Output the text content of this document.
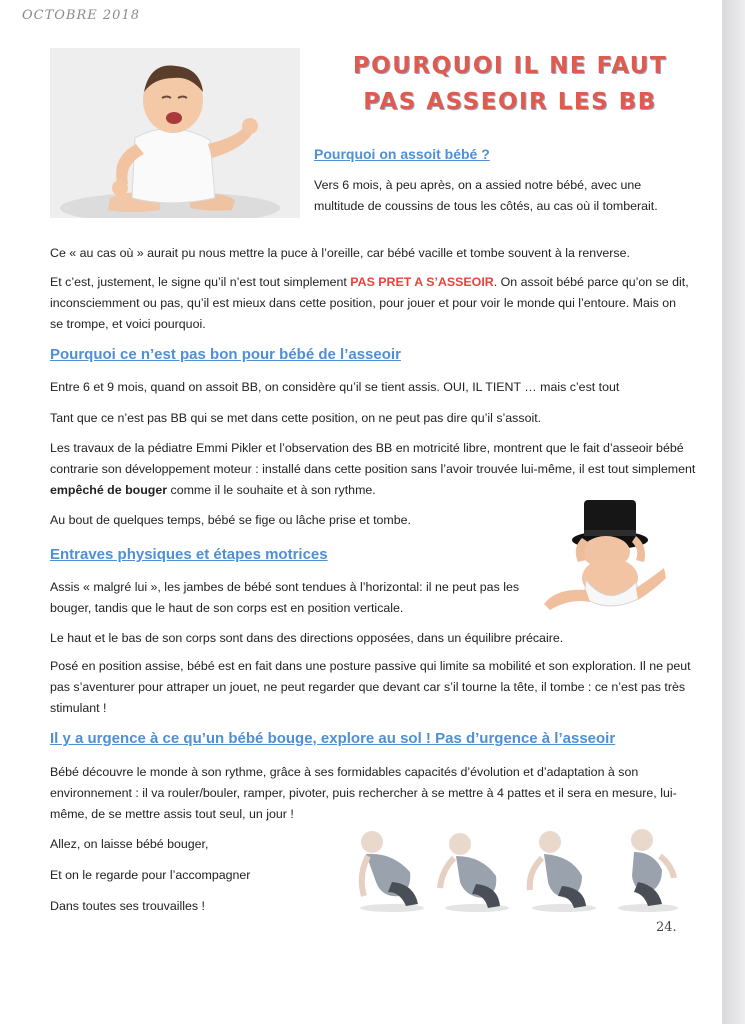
OCTOBRE 2018
POURQUOI IL NE FAUT
PAS ASSEOIR LES BB
Pourquoi on assoit bébé ?
Vers 6 mois, à peu après, on a assied notre bébé, avec une multitude de coussins de tous les côtés, au cas où il tomberait.
Ce « au cas où » aurait pu nous mettre la puce à l’oreille, car bébé vacille et tombe souvent à la renverse.
Et c’est, justement, le signe qu’il n’est tout simplement PAS PRET A S’ASSEOIR. On assoit bébé parce qu’on se dit, inconsciemment ou pas, qu’il est mieux dans cette position, pour jouer et pour voir le monde qui l’entoure. Mais on se trompe, et voici pourquoi.
Pourquoi ce n’est pas bon pour bébé de l’asseoir
Entre 6 et 9 mois, quand on assoit BB, on considère qu’il se tient assis. OUI, IL TIENT … mais c’est tout
Tant que ce n’est pas BB qui se met dans cette position, on ne peut pas dire qu’il s’assoit.
Les travaux de la pédiatre Emmi Pikler et l’observation des BB en motricité libre, montrent que le fait d’asseoir bébé contrarie son développement moteur : installé dans cette position sans l’avoir trouvée lui-même, il est tout simplement empêché de bouger comme il le souhaite et à son rythme.
Au bout de quelques temps, bébé se fige ou lâche prise et tombe.
Entraves physiques et étapes motrices
Assis « malgré lui », les jambes de bébé sont tendues à l’horizontal: il ne peut pas les bouger, tandis que le haut de son corps est en position verticale.
Le haut et le bas de son corps sont dans des directions opposées, dans un équilibre précaire.
Posé en position assise, bébé est en fait dans une posture passive qui limite sa mobilité et son exploration. Il ne peut pas s’aventurer pour attraper un jouet, ne peut regarder que devant car s’il tourne la tête, il tombe : ce n’est pas très stimulant !
Il y a urgence à ce qu’un bébé bouge, explore au sol ! Pas d’urgence à l’asseoir
Bébé découvre le monde à son rythme, grâce à ses formidables capacités d’évolution et d’adaptation à son environnement : il va rouler/bouler, ramper, pivoter, puis rechercher à se mettre à 4 pattes et il sera en mesure, lui-même, de se mettre assis tout seul, un jour !
Allez, on laisse bébé bouger,
Et on le regarde pour l’accompagner
Dans toutes ses trouvailles !
24.
